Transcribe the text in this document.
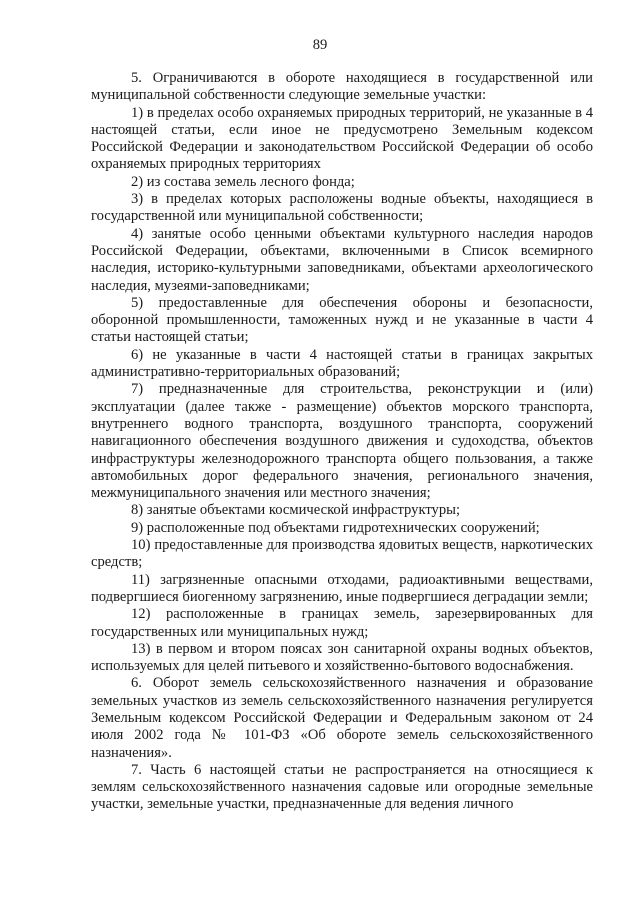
89

5. Ограничиваются в обороте находящиеся в государственной или муниципальной собственности следующие земельные участки:

1) в пределах особо охраняемых природных территорий, не указанные в 4 настоящей статьи, если иное не предусмотрено Земельным кодексом Российской Федерации и законодательством Российской Федерации об особо охраняемых природных территориях

2) из состава земель лесного фонда;

3) в пределах которых расположены водные объекты, находящиеся в государственной или муниципальной собственности;

4) занятые особо ценными объектами культурного наследия народов Российской Федерации, объектами, включенными в Список всемирного наследия, историко-культурными заповедниками, объектами археологического наследия, музеями-заповедниками;

5) предоставленные для обеспечения обороны и безопасности, оборонной промышленности, таможенных нужд и не указанные в части 4 статьи настоящей статьи;

6) не указанные в части 4 настоящей статьи в границах закрытых административно-территориальных образований;

7) предназначенные для строительства, реконструкции и (или) эксплуатации (далее также - размещение) объектов морского транспорта, внутреннего водного транспорта, воздушного транспорта, сооружений навигационного обеспечения воздушного движения и судоходства, объектов инфраструктуры железнодорожного транспорта общего пользования, а также автомобильных дорог федерального значения, регионального значения, межмуниципального значения или местного значения;

8) занятые объектами космической инфраструктуры;

9) расположенные под объектами гидротехнических сооружений;

10) предоставленные для производства ядовитых веществ, наркотических средств;

11) загрязненные опасными отходами, радиоактивными веществами, подвергшиеся биогенному загрязнению, иные подвергшиеся деградации земли;

12) расположенные в границах земель, зарезервированных для государственных или муниципальных нужд;

13) в первом и втором поясах зон санитарной охраны водных объектов, используемых для целей питьевого и хозяйственно-бытового водоснабжения.

6. Оборот земель сельскохозяйственного назначения и образование земельных участков из земель сельскохозяйственного назначения регулируется Земельным кодексом Российской Федерации и Федеральным законом от 24 июля 2002 года № 101-ФЗ «Об обороте земель сельскохозяйственного назначения».

7. Часть 6 настоящей статьи не распространяется на относящиеся к землям сельскохозяйственного назначения садовые или огородные земельные участки, земельные участки, предназначенные для ведения личного
